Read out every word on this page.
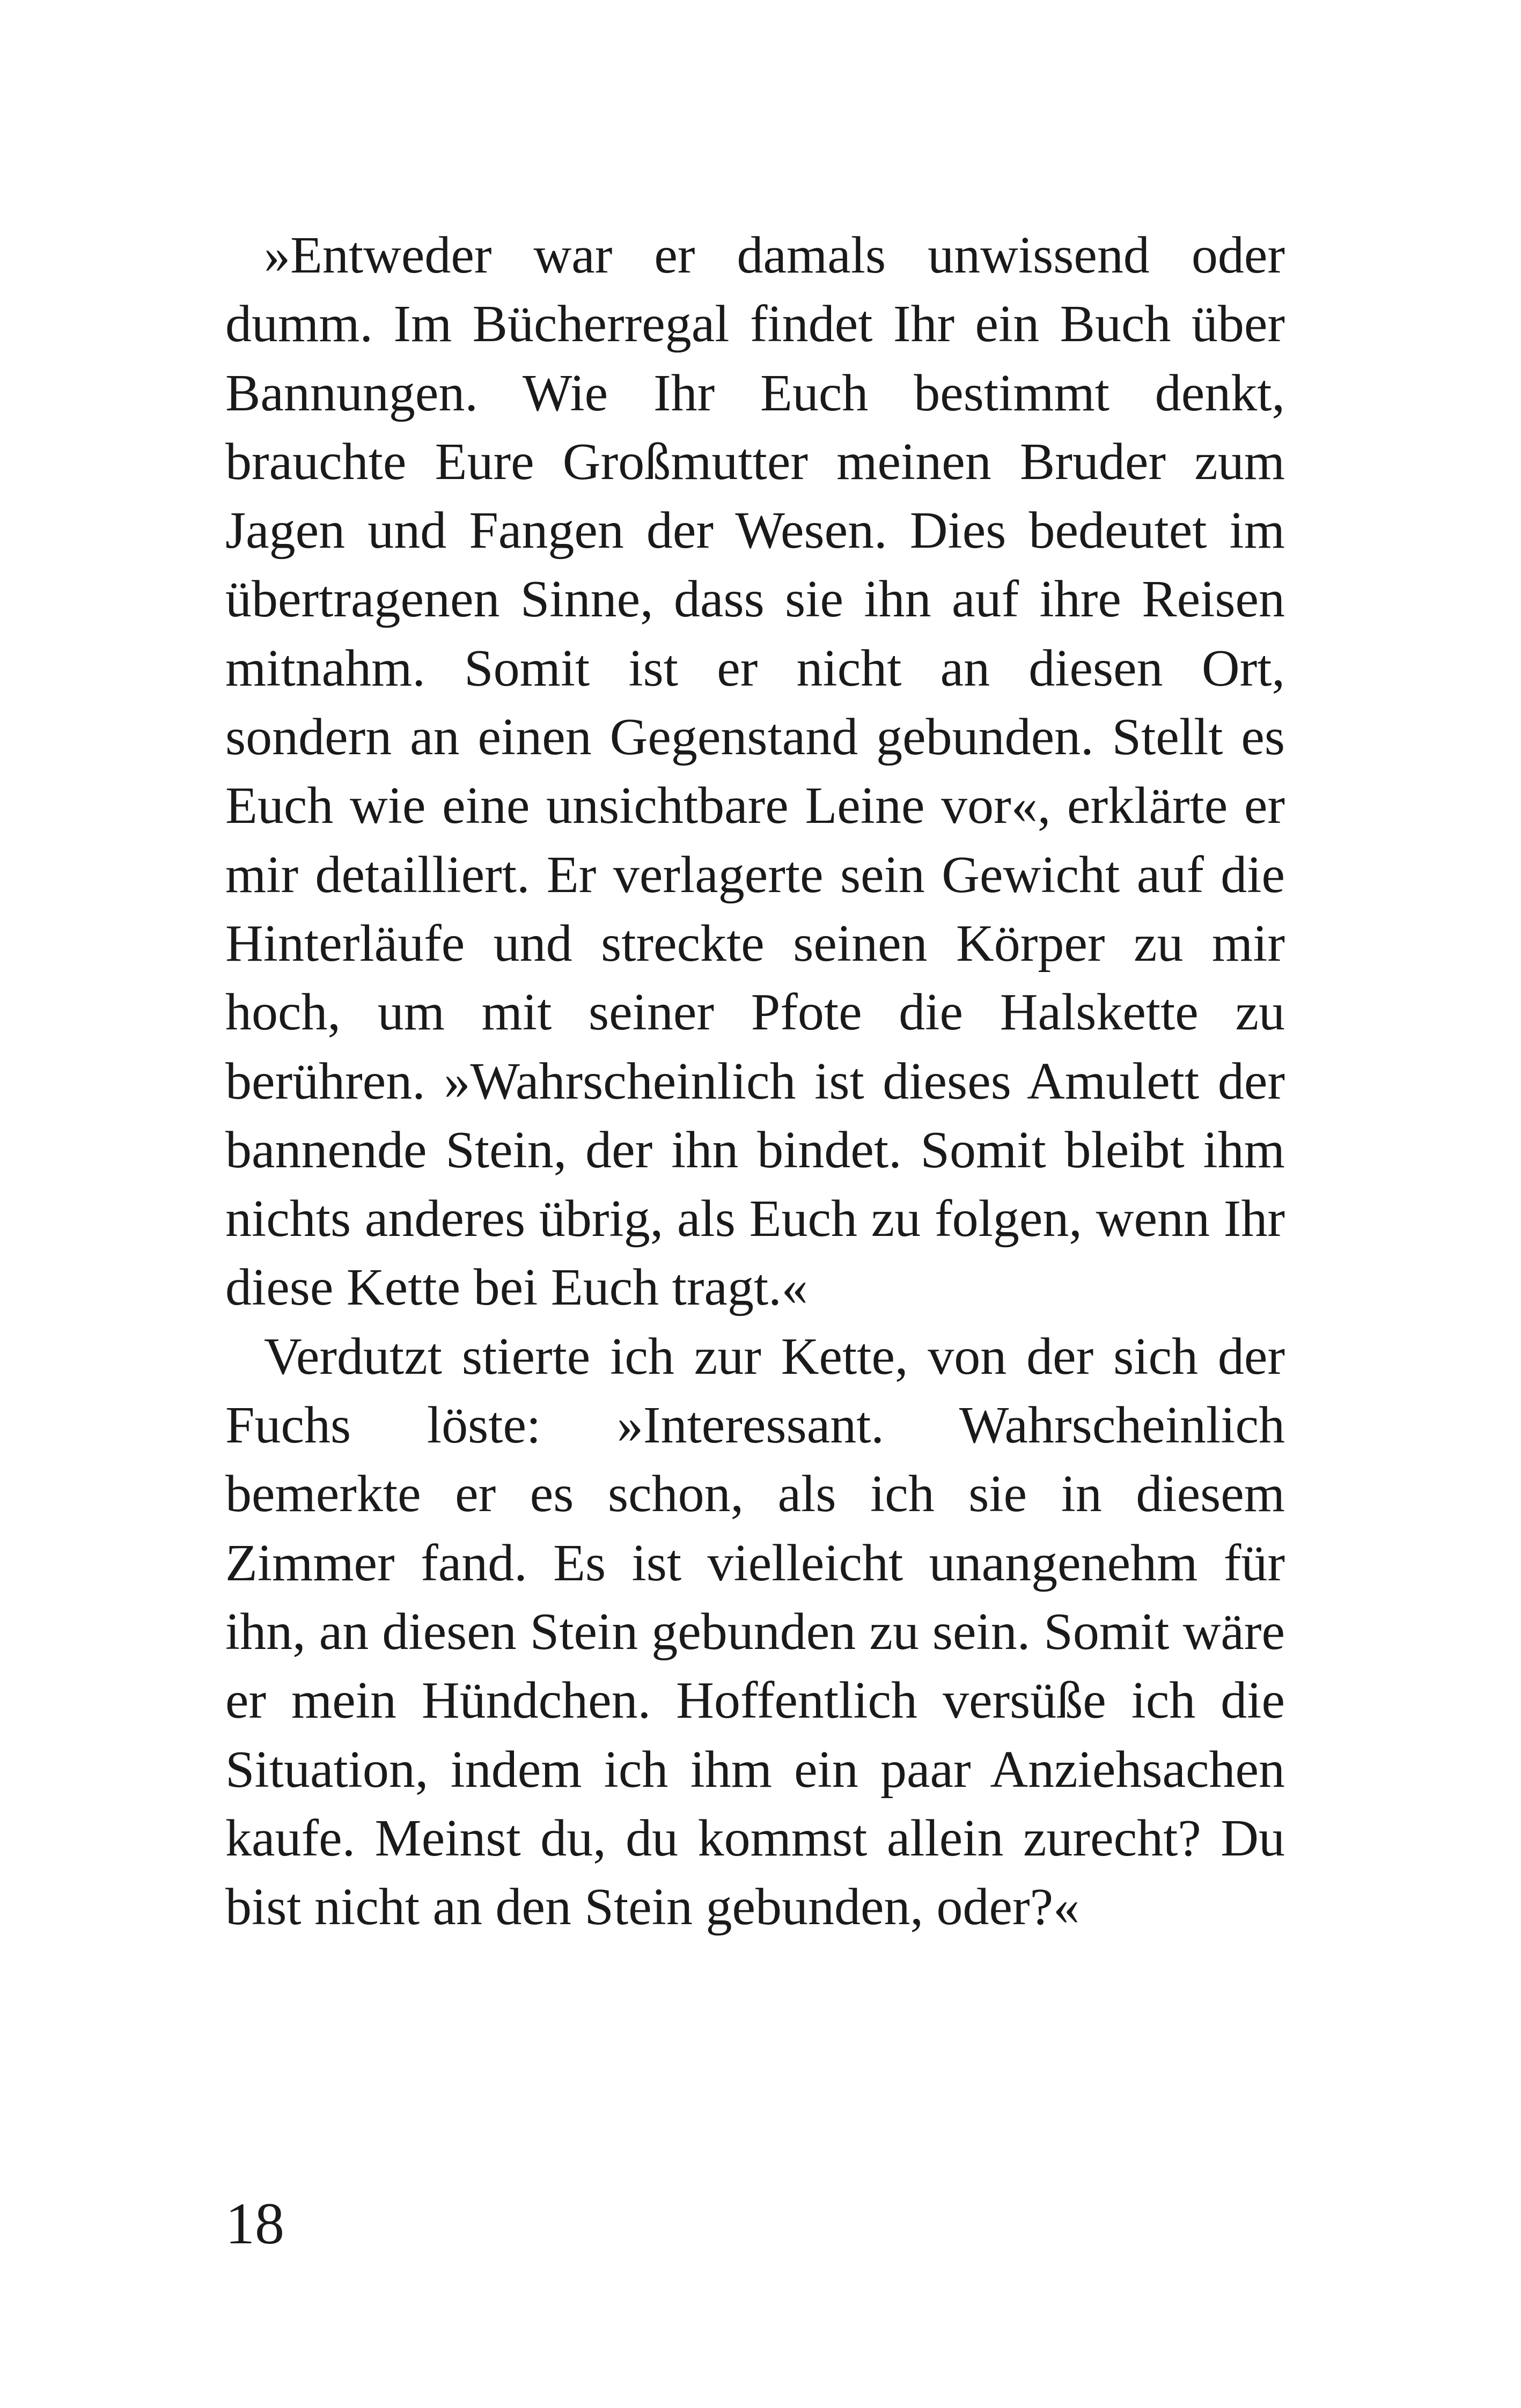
»Entweder war er damals unwissend oder dumm. Im Bücherregal findet Ihr ein Buch über Bannungen. Wie Ihr Euch bestimmt denkt, brauchte Eure Großmutter meinen Bruder zum Jagen und Fangen der Wesen. Dies bedeutet im übertragenen Sinne, dass sie ihn auf ihre Reisen mitnahm. Somit ist er nicht an diesen Ort, sondern an einen Gegenstand gebunden. Stellt es Euch wie eine unsichtbare Leine vor«, erklärte er mir detailliert. Er verlagerte sein Gewicht auf die Hinterläufe und streckte seinen Körper zu mir hoch, um mit seiner Pfote die Halskette zu berühren. »Wahrscheinlich ist dieses Amulett der bannende Stein, der ihn bindet. Somit bleibt ihm nichts anderes übrig, als Euch zu folgen, wenn Ihr diese Kette bei Euch tragt.«

Verdutzt stierte ich zur Kette, von der sich der Fuchs löste: »Interessant. Wahrscheinlich bemerkte er es schon, als ich sie in diesem Zimmer fand. Es ist vielleicht unangenehm für ihn, an diesen Stein gebunden zu sein. Somit wäre er mein Hündchen. Hoffentlich versüße ich die Situation, indem ich ihm ein paar Anziehsachen kaufe. Meinst du, du kommst allein zurecht? Du bist nicht an den Stein gebunden, oder?«

18
